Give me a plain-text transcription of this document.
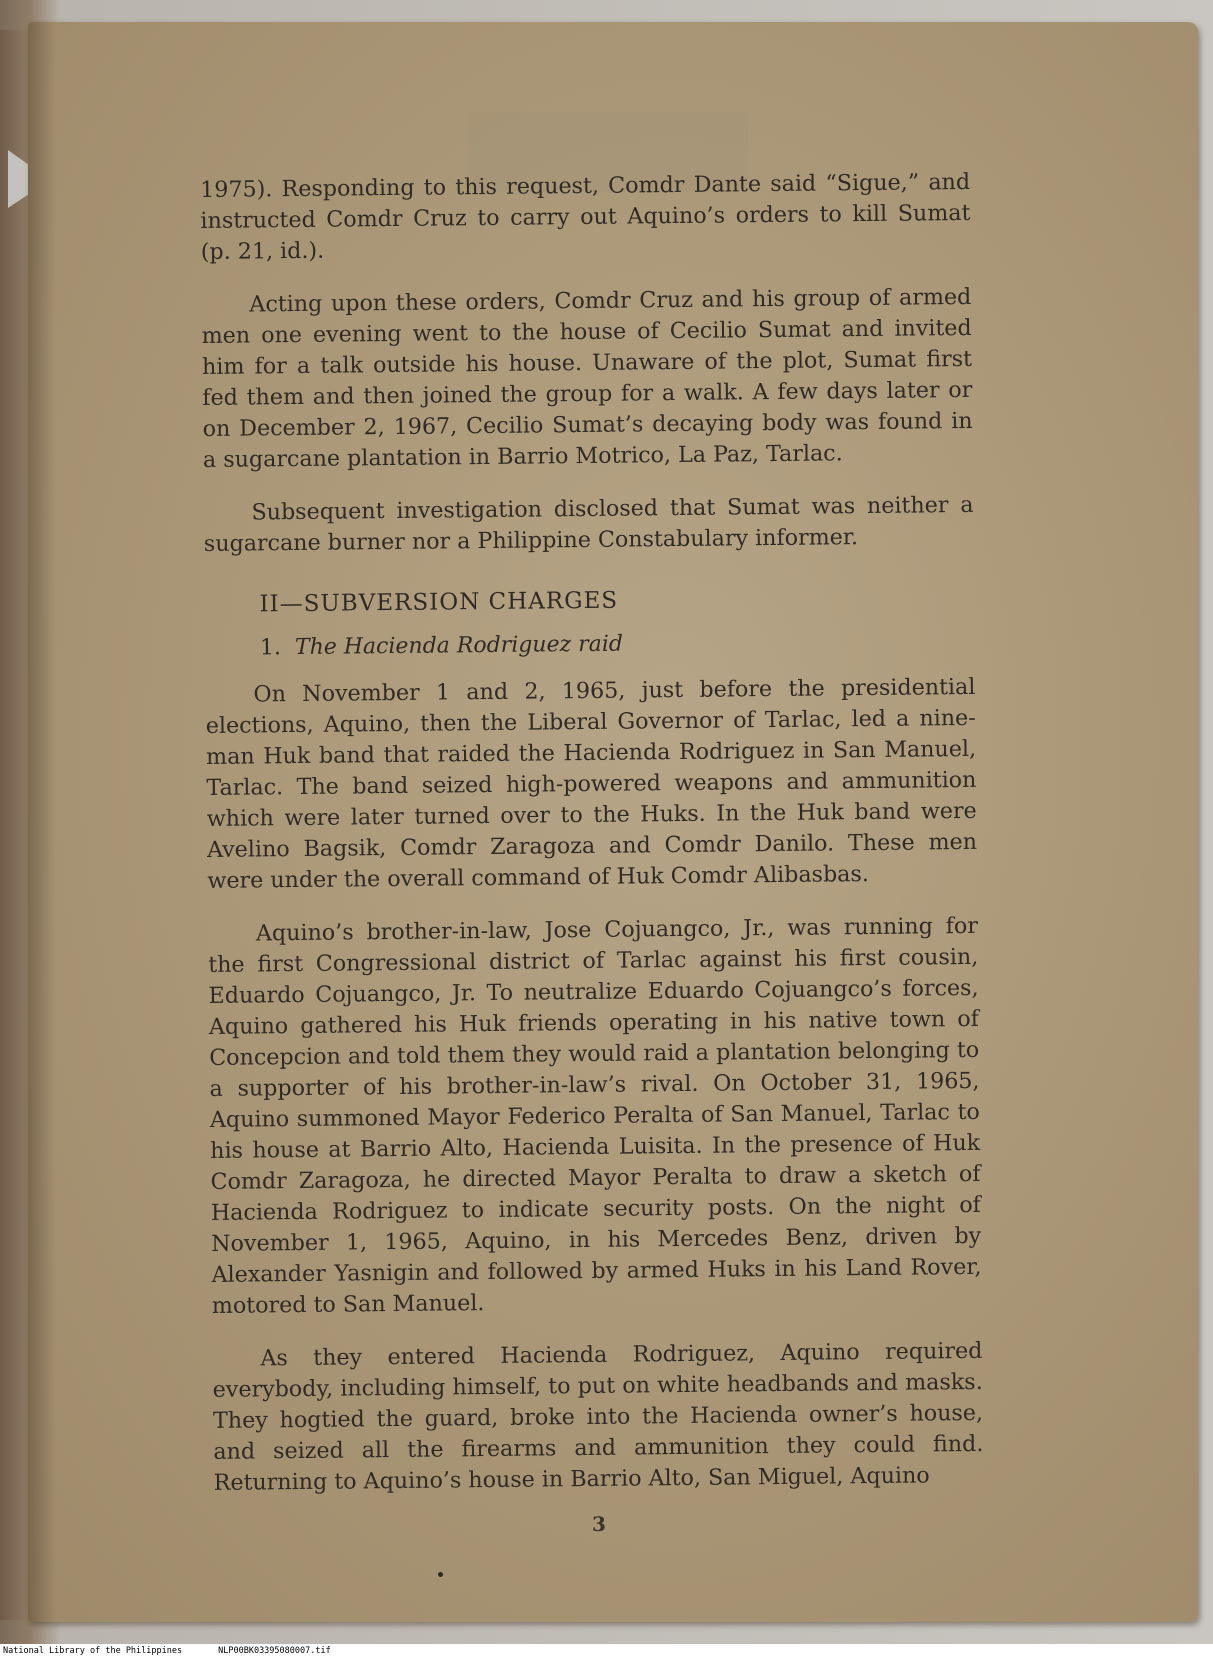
1975). Responding to this request, Comdr Dante said “Sigue,” and instructed Comdr Cruz to carry out Aquino’s orders to kill Sumat (p. 21, id.).

Acting upon these orders, Comdr Cruz and his group of armed men one evening went to the house of Cecilio Sumat and invited him for a talk outside his house. Unaware of the plot, Sumat first fed them and then joined the group for a walk. A few days later or on December 2, 1967, Cecilio Sumat’s decaying body was found in a sugarcane plantation in Barrio Motrico, La Paz, Tarlac.

Subsequent investigation disclosed that Sumat was neither a sugarcane burner nor a Philippine Constabulary informer.

II—SUBVERSION CHARGES
1. The Hacienda Rodriguez raid

On November 1 and 2, 1965, just before the presidential elections, Aquino, then the Liberal Governor of Tarlac, led a nine-man Huk band that raided the Hacienda Rodriguez in San Manuel, Tarlac. The band seized high-powered weapons and ammunition which were later turned over to the Huks. In the Huk band were Avelino Bagsik, Comdr Zaragoza and Comdr Danilo. These men were under the overall command of Huk Comdr Alibasbas.

Aquino’s brother-in-law, Jose Cojuangco, Jr., was running for the first Congressional district of Tarlac against his first cousin, Eduardo Cojuangco, Jr. To neutralize Eduardo Cojuangco’s forces, Aquino gathered his Huk friends operating in his native town of Concepcion and told them they would raid a plantation belonging to a supporter of his brother-in-law’s rival. On October 31, 1965, Aquino summoned Mayor Federico Peralta of San Manuel, Tarlac to his house at Barrio Alto, Hacienda Luisita. In the presence of Huk Comdr Zaragoza, he directed Mayor Peralta to draw a sketch of Hacienda Rodriguez to indicate security posts. On the night of November 1, 1965, Aquino, in his Mercedes Benz, driven by Alexander Yasnigin and followed by armed Huks in his Land Rover, motored to San Manuel.

As they entered Hacienda Rodriguez, Aquino required everybody, including himself, to put on white headbands and masks. They hogtied the guard, broke into the Hacienda owner’s house, and seized all the firearms and ammunition they could find. Returning to Aquino’s house in Barrio Alto, San Miguel, Aquino

3
National Library of the Philippines	NLP00BK03395080007.tif
